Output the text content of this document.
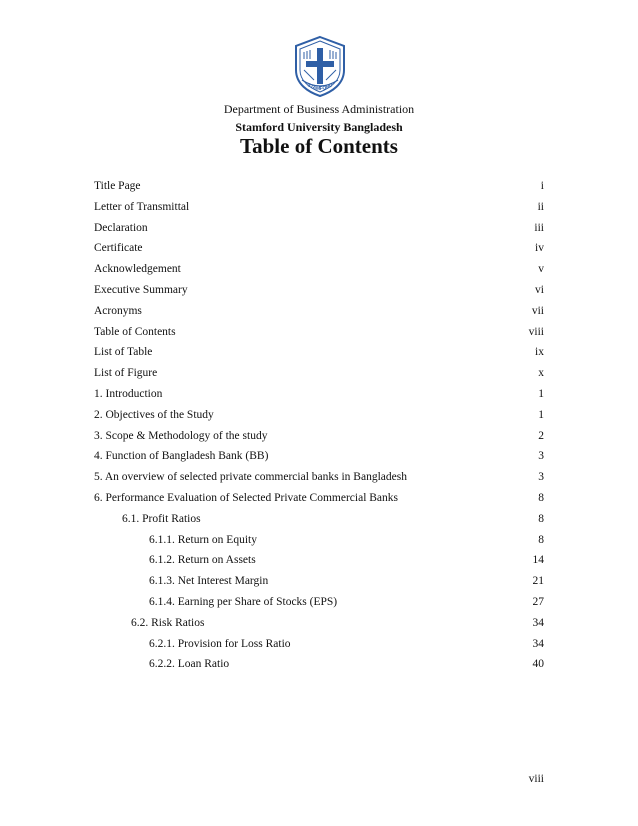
STAMFORD
Department of Business Administration
Stamford University Bangladesh
Table of Contents
Title Page	i
Letter of Transmittal	ii
Declaration	iii
Certificate	iv
Acknowledgement	v
Executive Summary	vi
Acronyms	vii
Table of Contents	viii
List of Table	ix
List of Figure	x
1. Introduction	1
2. Objectives of the Study	1
3. Scope & Methodology of the study	2
4. Function of Bangladesh Bank (BB)	3
5. An overview of selected private commercial banks in Bangladesh	3
6. Performance Evaluation of Selected Private Commercial Banks	8
6.1. Profit Ratios	8
6.1.1. Return on Equity	8
6.1.2. Return on Assets	14
6.1.3. Net Interest Margin	21
6.1.4. Earning per Share of Stocks (EPS)	27
6.2. Risk Ratios	34
6.2.1. Provision for Loss Ratio	34
6.2.2. Loan Ratio	40
viii
